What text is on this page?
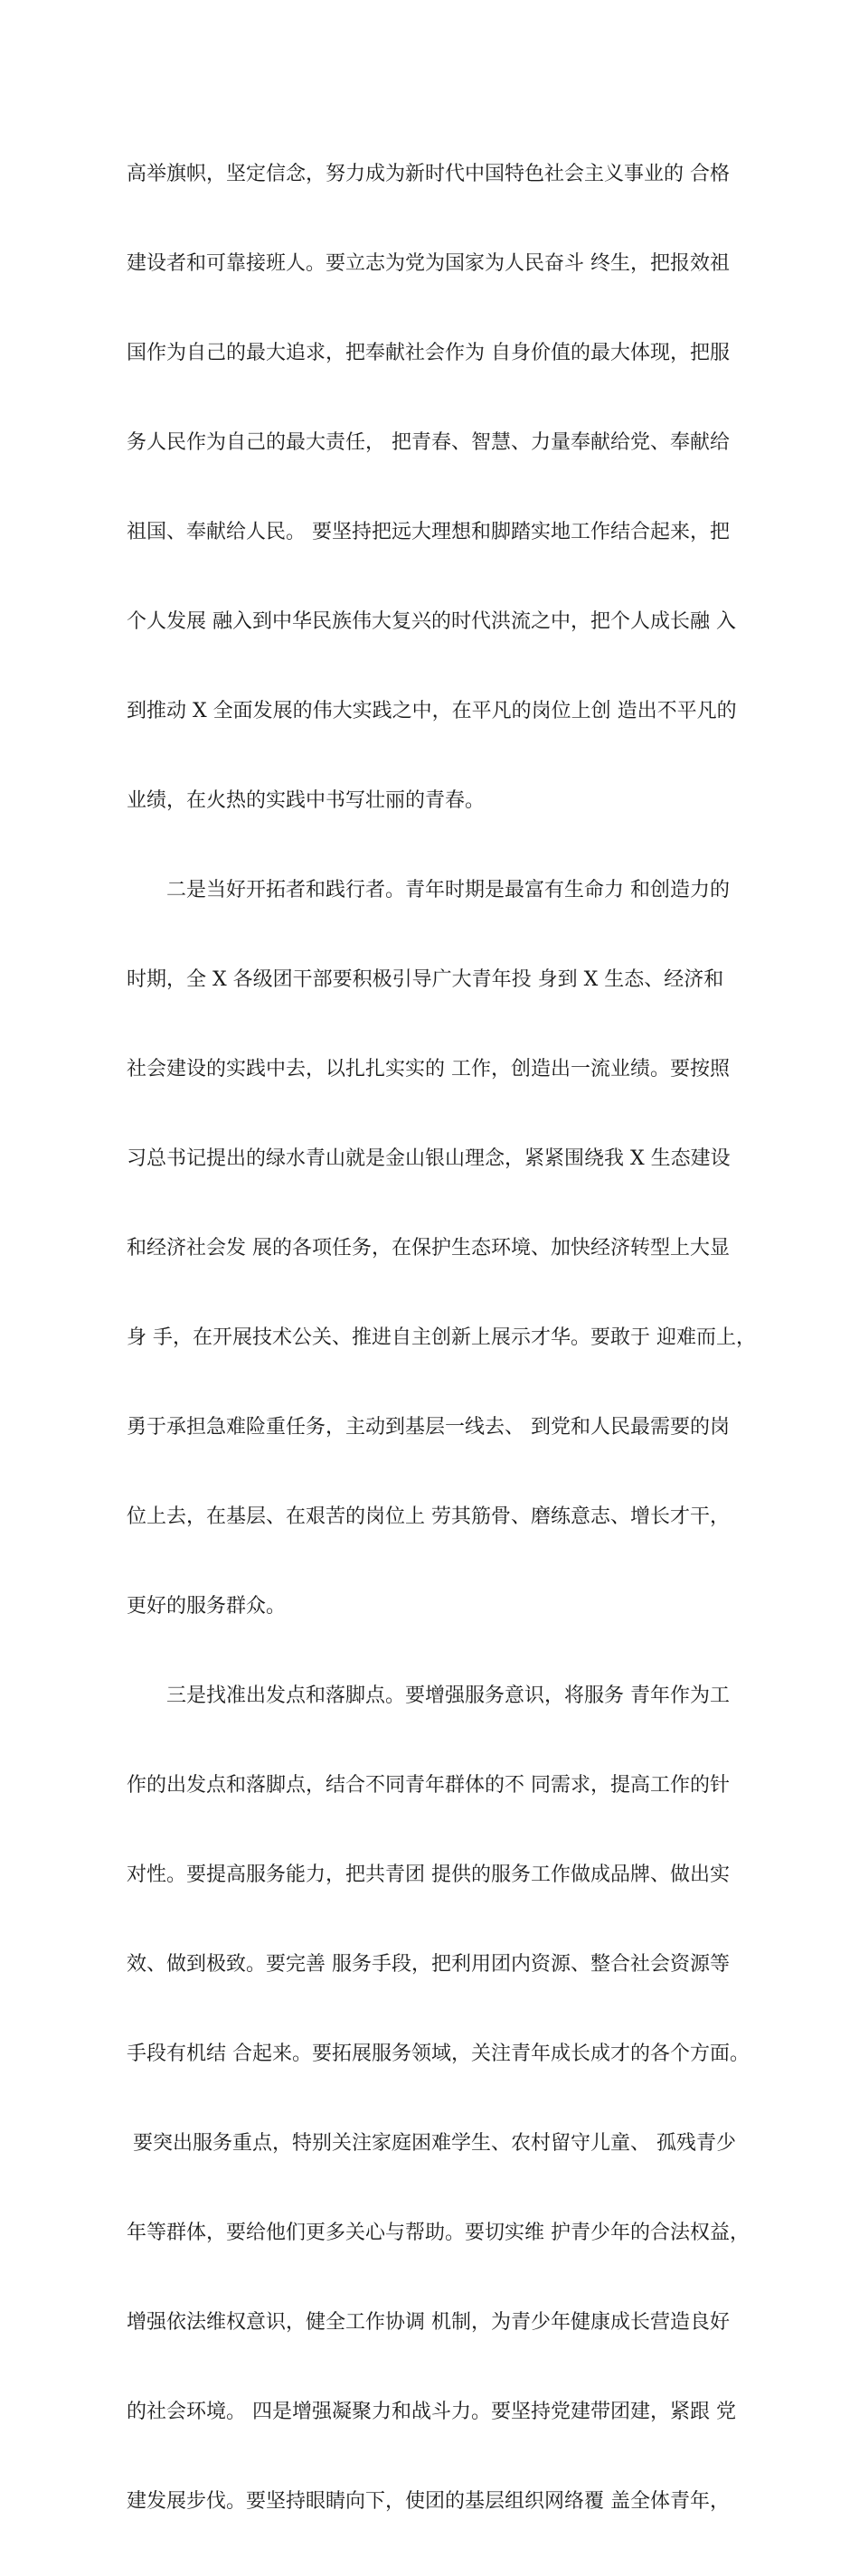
高举旗帜，坚定信念，努力成为新时代中国特色社会主义事业的 合格

建设者和可靠接班人。要立志为党为国家为人民奋斗 终生，把报效祖

国作为自己的最大追求，把奉献社会作为 自身价值的最大体现，把服

务人民作为自己的最大责任， 把青春、智慧、力量奉献给党、奉献给

祖国、奉献给人民。 要坚持把远大理想和脚踏实地工作结合起来，把

个人发展 融入到中华民族伟大复兴的时代洪流之中，把个人成长融 入

到推动 X 全面发展的伟大实践之中，在平凡的岗位上创 造出不平凡的

业绩，在火热的实践中书写壮丽的青春。

　　二是当好开拓者和践行者。青年时期是最富有生命力 和创造力的

时期，全 X 各级团干部要积极引导广大青年投 身到 X 生态、经济和

社会建设的实践中去，以扎扎实实的 工作，创造出一流业绩。要按照

习总书记提出的绿水青山就是金山银山理念，紧紧围绕我 X 生态建设

和经济社会发 展的各项任务，在保护生态环境、加快经济转型上大显

身 手，在开展技术公关、推进自主创新上展示才华。要敢于 迎难而上，

勇于承担急难险重任务，主动到基层一线去、 到党和人民最需要的岗

位上去，在基层、在艰苦的岗位上 劳其筋骨、磨练意志、增长才干，

更好的服务群众。

　　三是找准出发点和落脚点。要增强服务意识，将服务 青年作为工

作的出发点和落脚点，结合不同青年群体的不 同需求，提高工作的针

对性。要提高服务能力，把共青团 提供的服务工作做成品牌、做出实

效、做到极致。要完善 服务手段，把利用团内资源、整合社会资源等

手段有机结 合起来。要拓展服务领域，关注青年成长成才的各个方面。

要突出服务重点，特别关注家庭困难学生、农村留守儿童、 孤残青少

年等群体，要给他们更多关心与帮助。要切实维 护青少年的合法权益，

增强依法维权意识，健全工作协调 机制，为青少年健康成长营造良好

的社会环境。 四是增强凝聚力和战斗力。要坚持党建带团建，紧跟 党

建发展步伐。要坚持眼睛向下，使团的基层组织网络覆 盖全体青年，
